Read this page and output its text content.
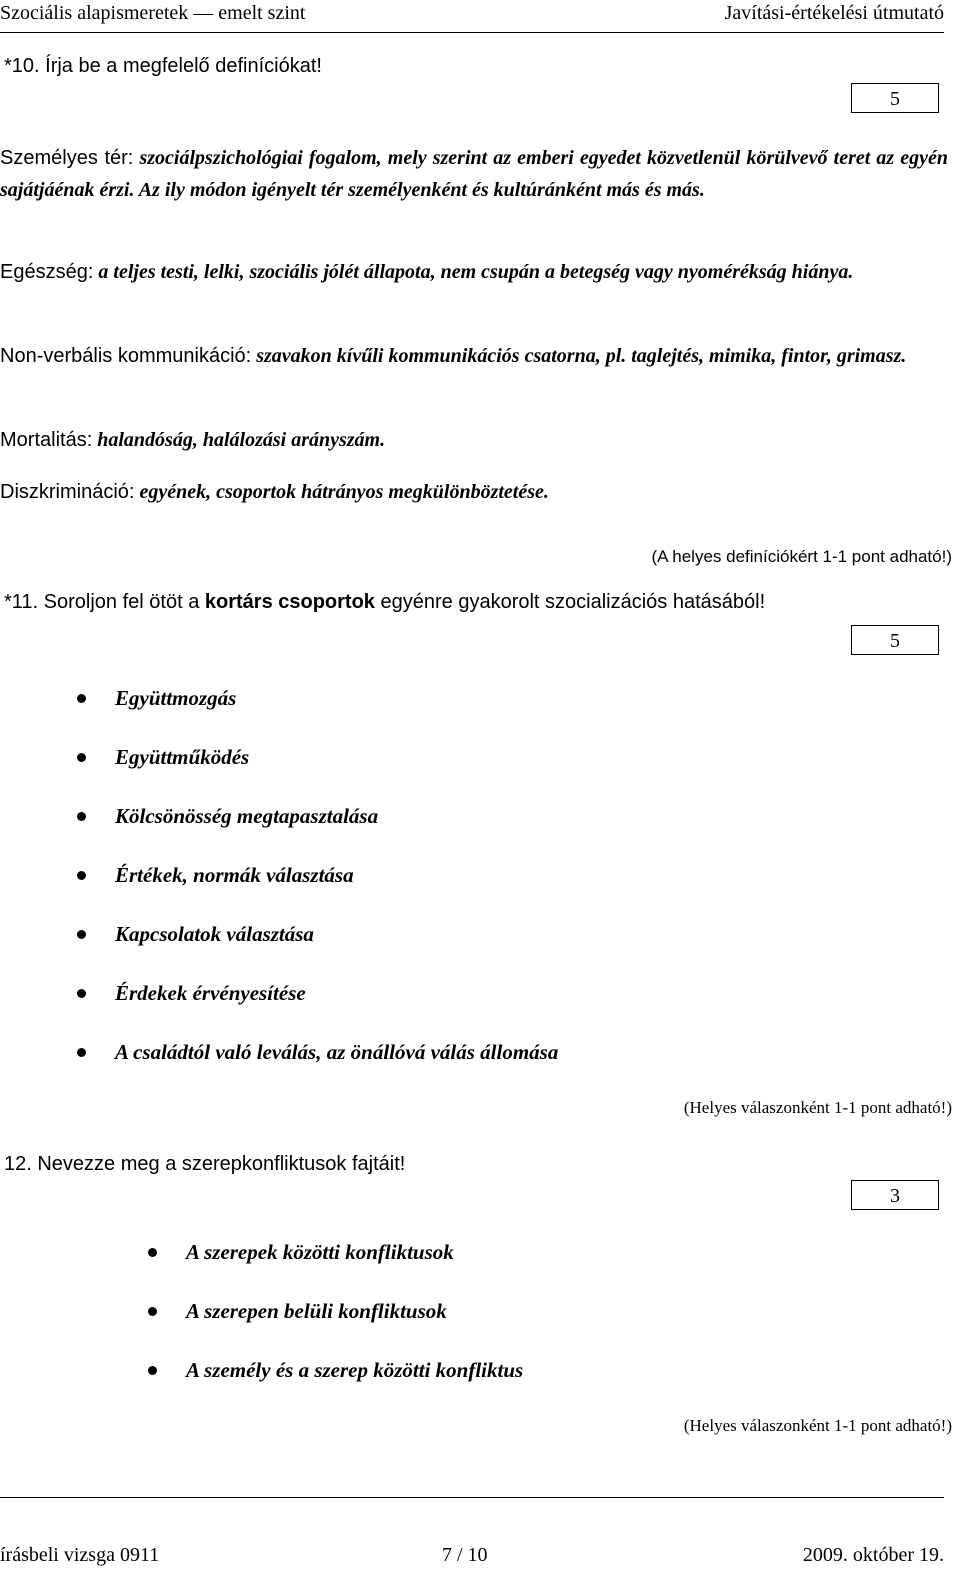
Szociális alapismeretek — emelt szint	Javítási-értékelési útmutató
*10. Írja be a megfelelő definíciókat!
5
Személyes tér: szociálpszichológiai fogalom, mely szerint az emberi egyedet közvetlenül körülvevő teret az egyén sajátjáénak érzi. Az ily módon igényelt tér személyenként és kultúránként más és más.
Egészség: a teljes testi, lelki, szociális jólét állapota, nem csupán a betegség vagy nyomérékság hiánya.
Non-verbális kommunikáció: szavakon kívűli kommunikációs csatorna, pl. taglejtés, mimika, fintor, grimasz.
Mortalitás: halandóság, halálozási arányszám.
Diszkrimináció: egyének, csoportok hátrányos megkülönböztetése.
(A helyes definíciókért 1-1 pont adható!)
*11. Soroljon fel ötöt a kortárs csoportok egyénre gyakorolt szocializációs hatásából!
5
Együttmozgás
Együttműködés
Kölcsönösség megtapasztalása
Értékek, normák választása
Kapcsolatok választása
Érdekek érvényesítése
A családtól való leválás, az önállóvá válás állomása
(Helyes válaszonként 1-1 pont adható!)
12. Nevezze meg a szerepkonfliktusok fajtáit!
3
A szerepek közötti konfliktusok
A szerepen belüli konfliktusok
A személy és a szerep közötti konfliktus
(Helyes válaszonként 1-1 pont adható!)
írásbeli vizsga 0911	7 / 10	2009. október 19.
